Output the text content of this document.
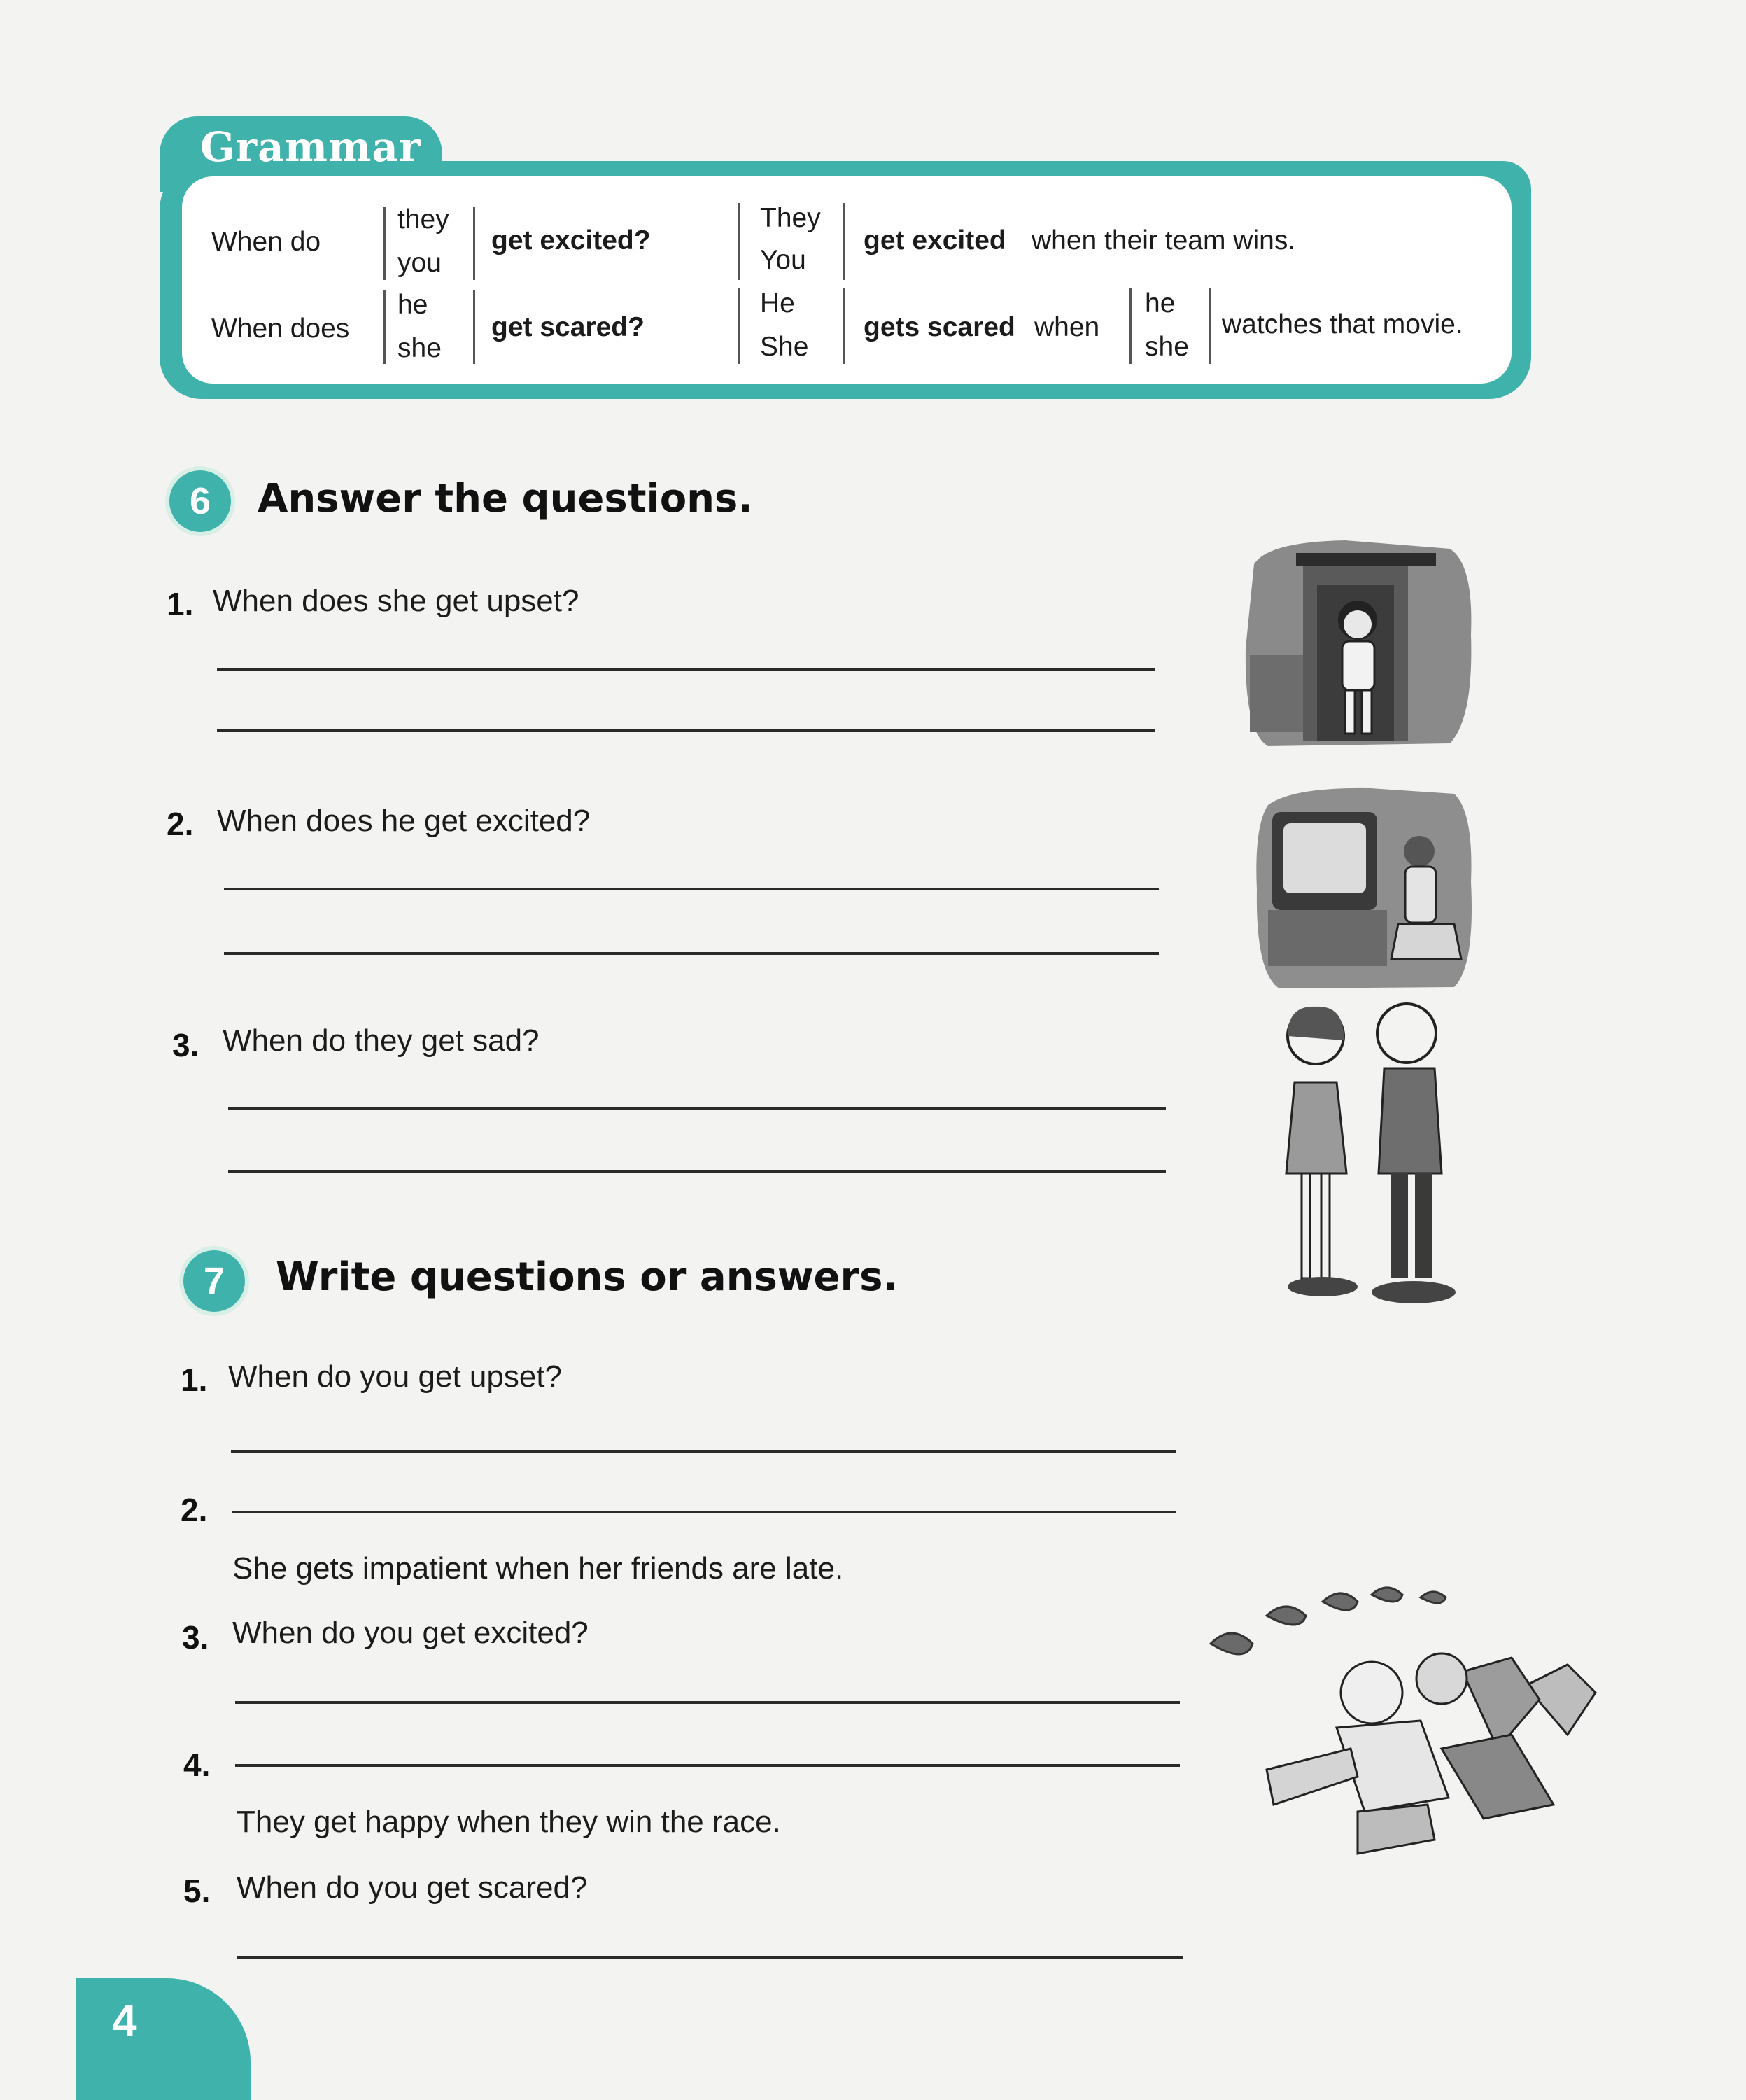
Grammar
When do
they
you
get excited?
They
You
get excited when their team wins.
When does
he
she
get scared?
He
She
gets scared when
he
she
watches that movie.
6	Answer the questions.
1. When does she get upset?
2. When does he get excited?
3. When do they get sad?
7	Write questions or answers.
1. When do you get upset?
2.
She gets impatient when her friends are late.
3. When do you get excited?
4.
They get happy when they win the race.
5. When do you get scared?
4
